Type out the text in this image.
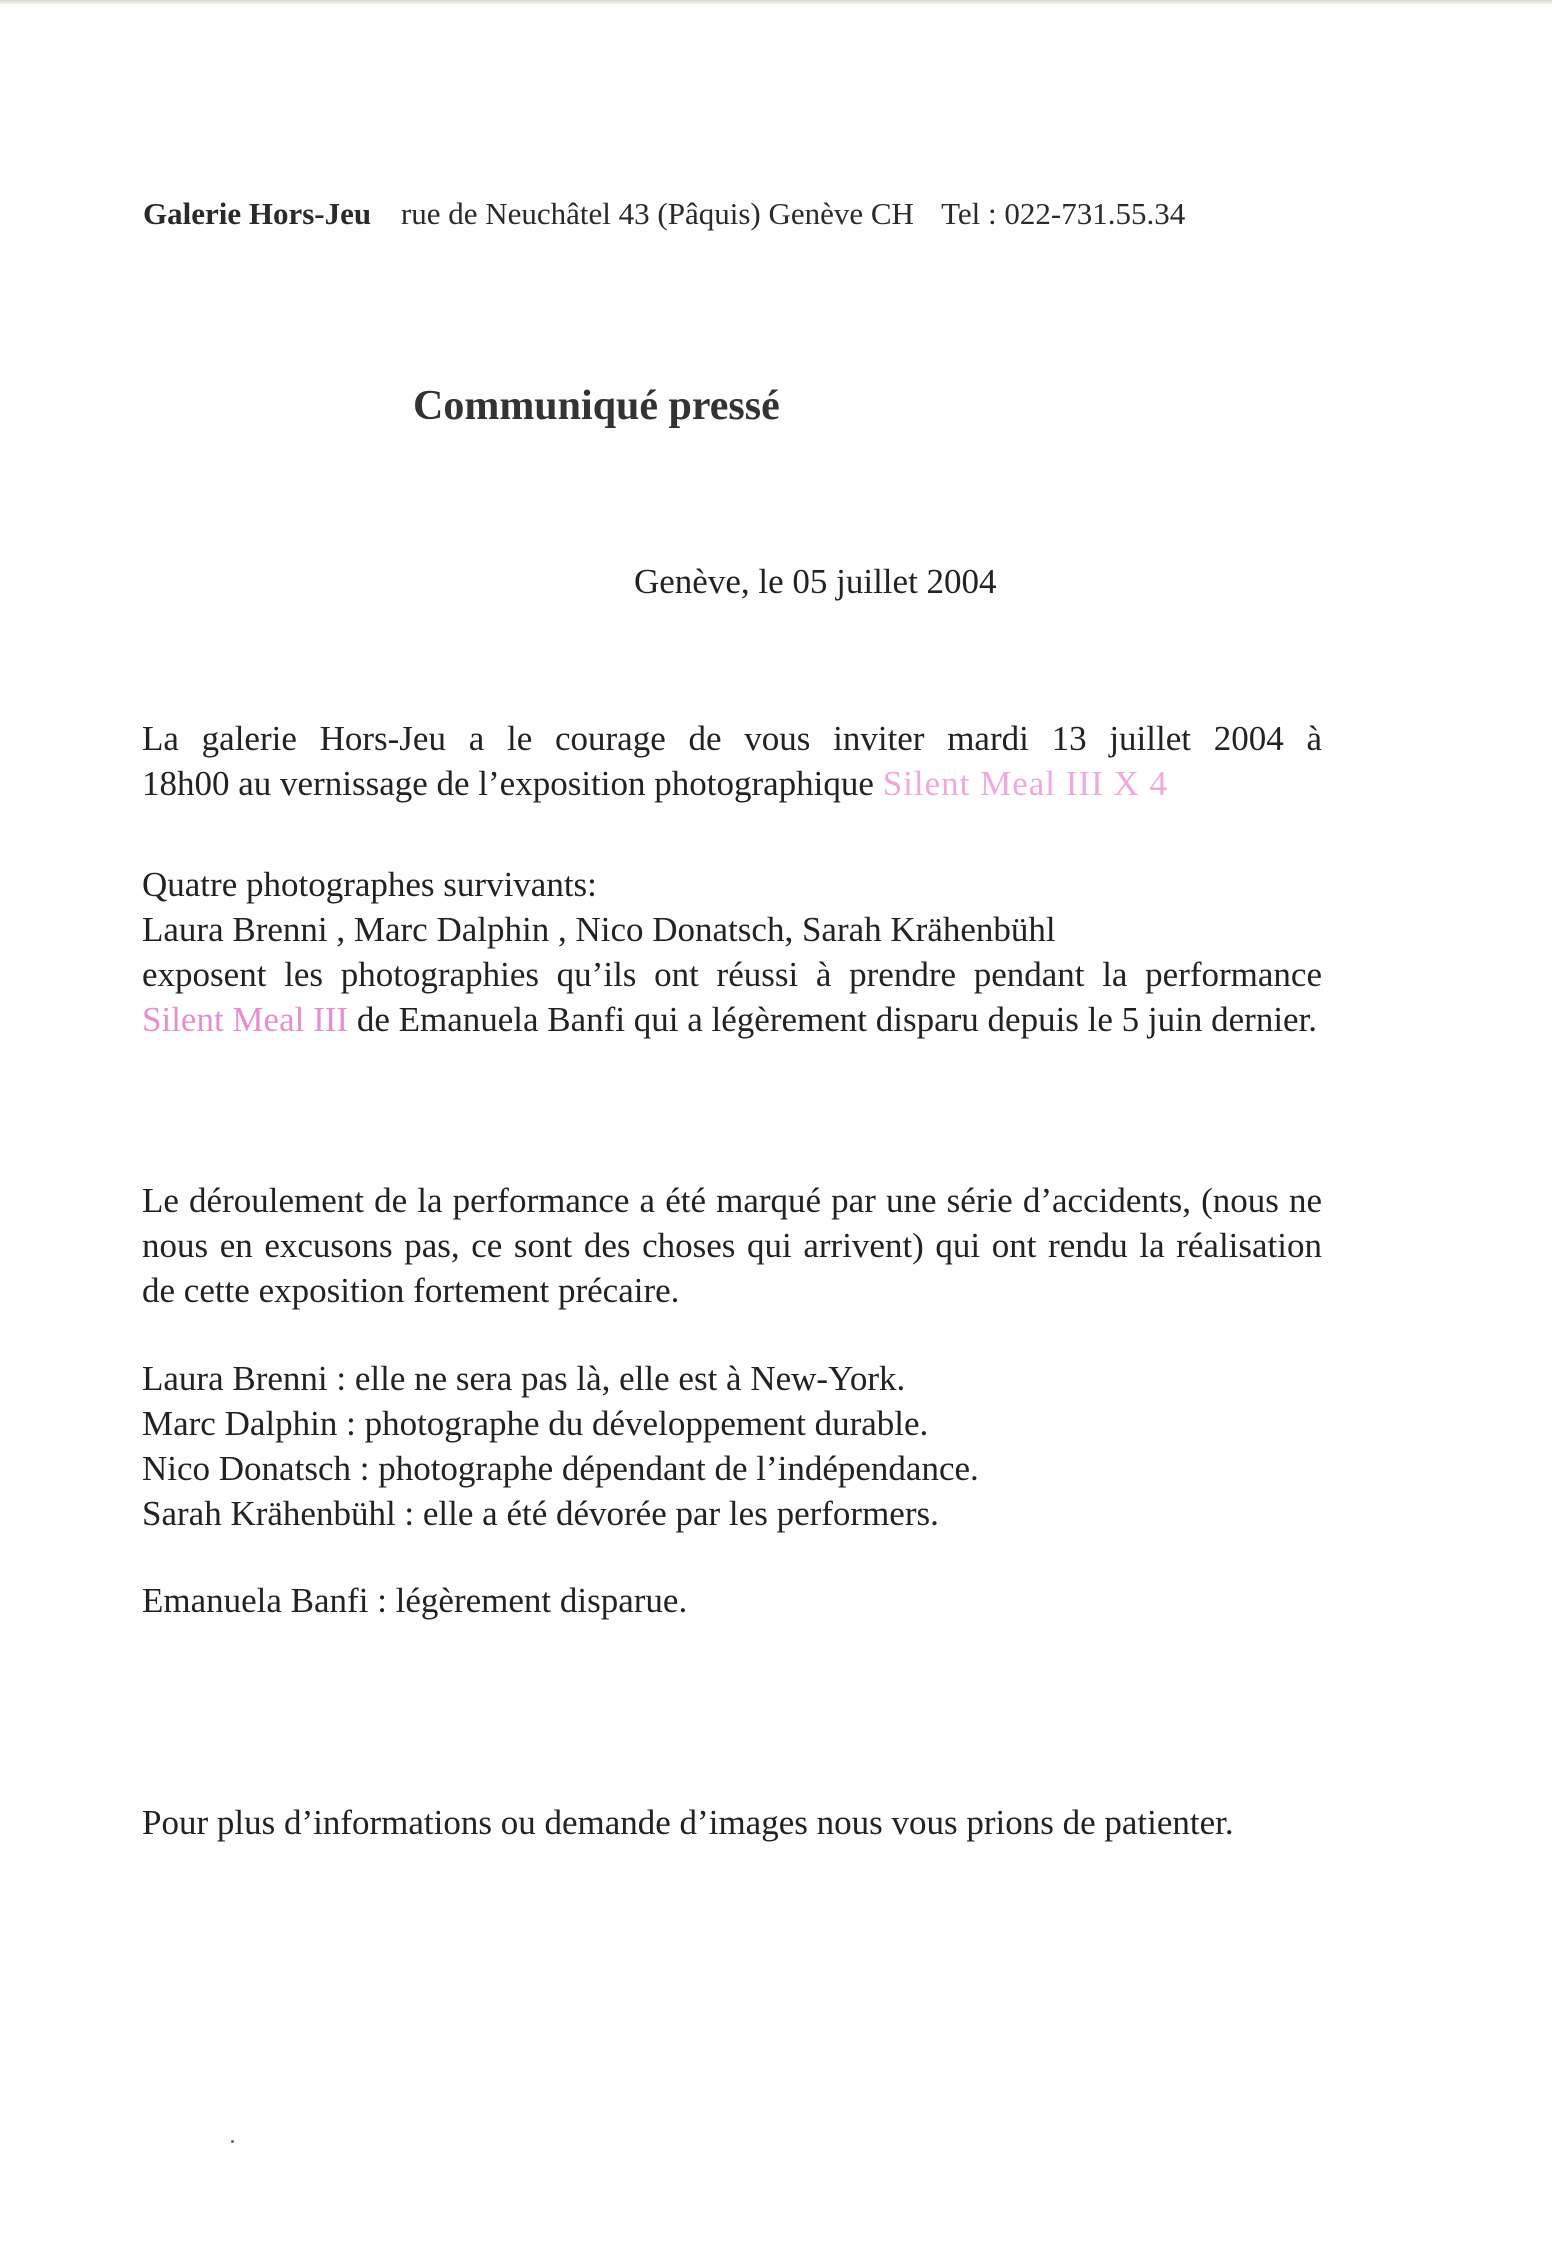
Galerie Hors-Jeu rue de Neuchâtel 43 (Pâquis) Genève CH Tel : 022-731.55.34
Communiqué pressé
Genève, le 05 juillet 2004
La galerie Hors-Jeu a le courage de vous inviter mardi 13 juillet 2004 à
18h00 au vernissage de l’exposition photographique Silent Meal III X 4
Quatre photographes survivants:
Laura Brenni , Marc Dalphin , Nico Donatsch, Sarah Krähenbühl
exposent les photographies qu’ils ont réussi à prendre pendant la performance Silent Meal III de Emanuela Banfi qui a légèrement disparu depuis le 5 juin dernier.
Le déroulement de la performance a été marqué par une série d’accidents, (nous ne nous en excusons pas, ce sont des choses qui arrivent) qui ont rendu la réalisation de cette exposition fortement précaire.
Laura Brenni : elle ne sera pas là, elle est à New-York.
Marc Dalphin : photographe du développement durable.
Nico Donatsch : photographe dépendant de l’indépendance.
Sarah Krähenbühl : elle a été dévorée par les performers.
Emanuela Banfi : légèrement disparue.
Pour plus d’informations ou demande d’images nous vous prions de patienter.
